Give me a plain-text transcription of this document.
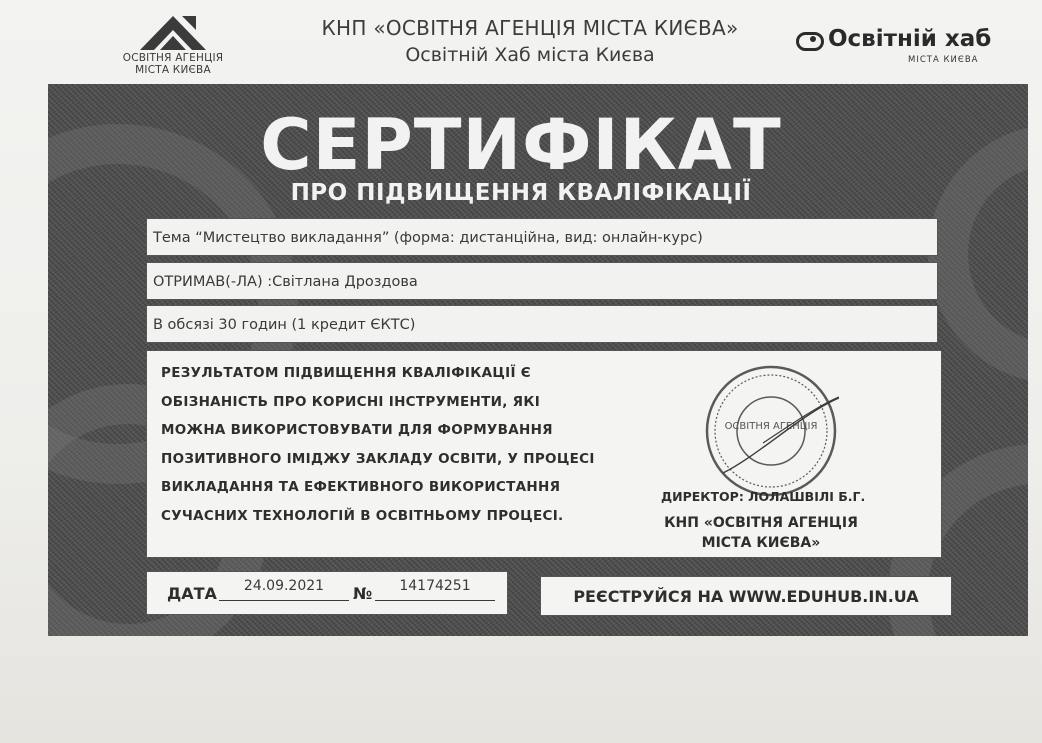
ОСВІТНЯ АГЕНЦІЯ
МІСТА КИЄВА
КНП «ОСВІТНЯ АГЕНЦІЯ МІСТА КИЄВА»
Освітній Хаб міста Києва
Освітній хаб
МІСТА КИЄВА
СЕРТИФІКАТ
ПРО ПІДВИЩЕННЯ КВАЛІФІКАЦІЇ
Тема “Мистецтво викладання” (форма: дистанційна, вид: онлайн-курс)
ОТРИМАВ(-ЛА) :Світлана Дроздова
В обсязі 30 годин (1 кредит ЄКТС)
РЕЗУЛЬТАТОМ ПІДВИЩЕННЯ КВАЛІФІКАЦІЇ Є ОБІЗНАНІСТЬ ПРО КОРИСНІ ІНСТРУМЕНТИ, ЯКІ МОЖНА ВИКОРИСТОВУВАТИ ДЛЯ ФОРМУВАННЯ ПОЗИТИВНОГО ІМІДЖУ ЗАКЛАДУ ОСВІТИ, У ПРОЦЕСІ ВИКЛАДАННЯ ТА ЕФЕКТИВНОГО ВИКОРИСТАННЯ СУЧАСНИХ ТЕХНОЛОГІЙ В ОСВІТНЬОМУ ПРОЦЕСІ.
ОСВІТНЯ АГЕНЦІЯ
ДИРЕКТОР: ЛОЛАШВІЛІ Б.Г.
КНП «ОСВІТНЯ АГЕНЦІЯ МІСТА КИЄВА»
ДАТА	24.09.2021	№	14174251
РЕЄСТРУЙСЯ НА WWW.EDUHUB.IN.UA
